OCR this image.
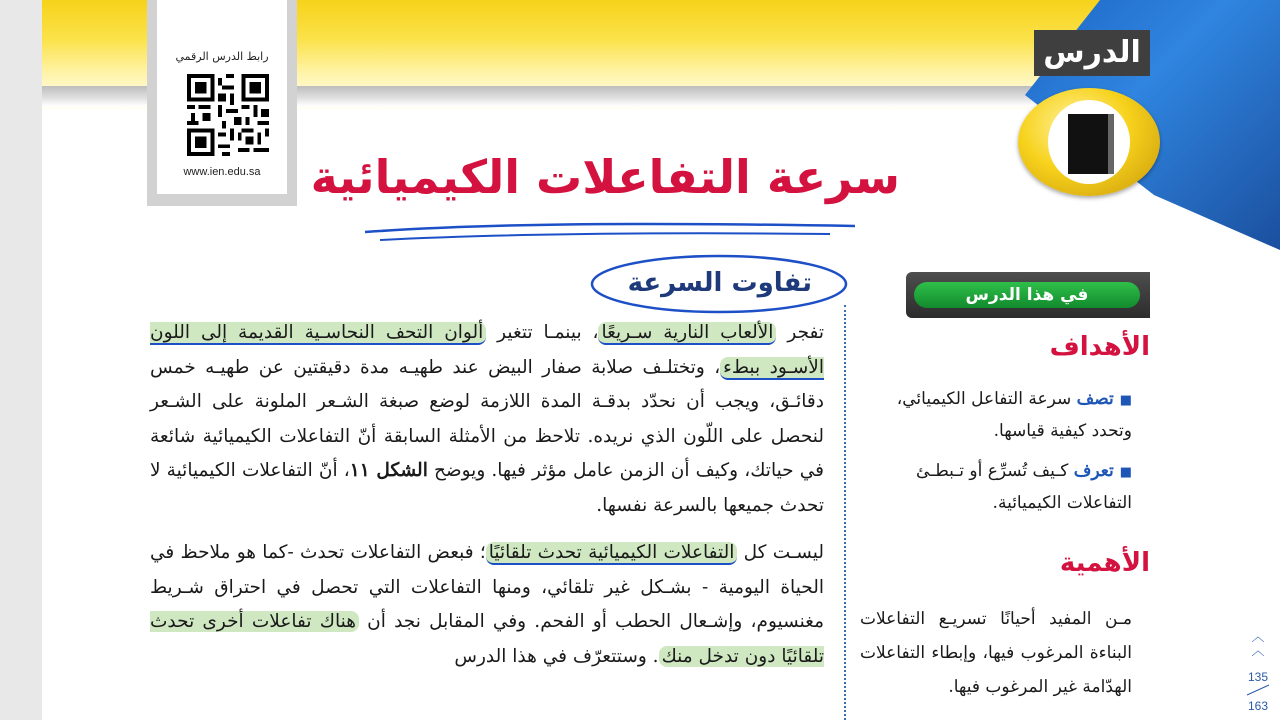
رابط الدرس الرقمي
www.ien.edu.sa
الدرس
سرعة التفاعلات الكيميائية
تفاوت السرعة

تفجر الألعاب النارية سـريعًا، بينمـا تتغير ألوان التحف النحاسـية القديمة إلى اللون الأسـود ببطء، وتختلـف صلابة صفار البيض عند طهيـه مدة دقيقتين عن طهيـه خمس دقائـق، ويجب أن نحدّد بدقـة المدة اللازمة لوضع صبغة الشـعر الملونة على الشـعر لنحصل على اللّون الذي نريده. تلاحظ من الأمثلة السابقة أنّ التفاعلات الكيميائية شائعة في حياتك، وكيف أن الزمن عامل مؤثر فيها. ويوضح الشكل ١١، أنّ التفاعلات الكيميائية لا تحدث جميعها بالسرعة نفسها.

ليسـت كل التفاعلات الكيميائية تحدث تلقائيًا؛ فبعض التفاعلات تحدث -كما هو ملاحظ في الحياة اليومية - بشـكل غير تلقائي، ومنها التفاعلات التي تحصل في احتراق شـريط مغنسيوم، وإشـعال الحطب أو الفحم. وفي المقابل نجد أن هناك تفاعلات أخرى تحدث تلقائيًا دون تدخل منك. وستتعرّف في هذا الدرس

في هذا الدرس
الأهداف
■تصف سرعة التفاعل الكيميائي، وتحدد كيفية قياسها.
■تعرف كـيف تُسرِّع أو تـبطـئ التفاعلات الكيميائية.
الأهمية
مـن المفيد أحيانًا تسريـع التفاعلات البناءة المرغوب فيها، وإبطاء التفاعلات الهدّامة غير المرغوب فيها.
︿
︿
135
163
